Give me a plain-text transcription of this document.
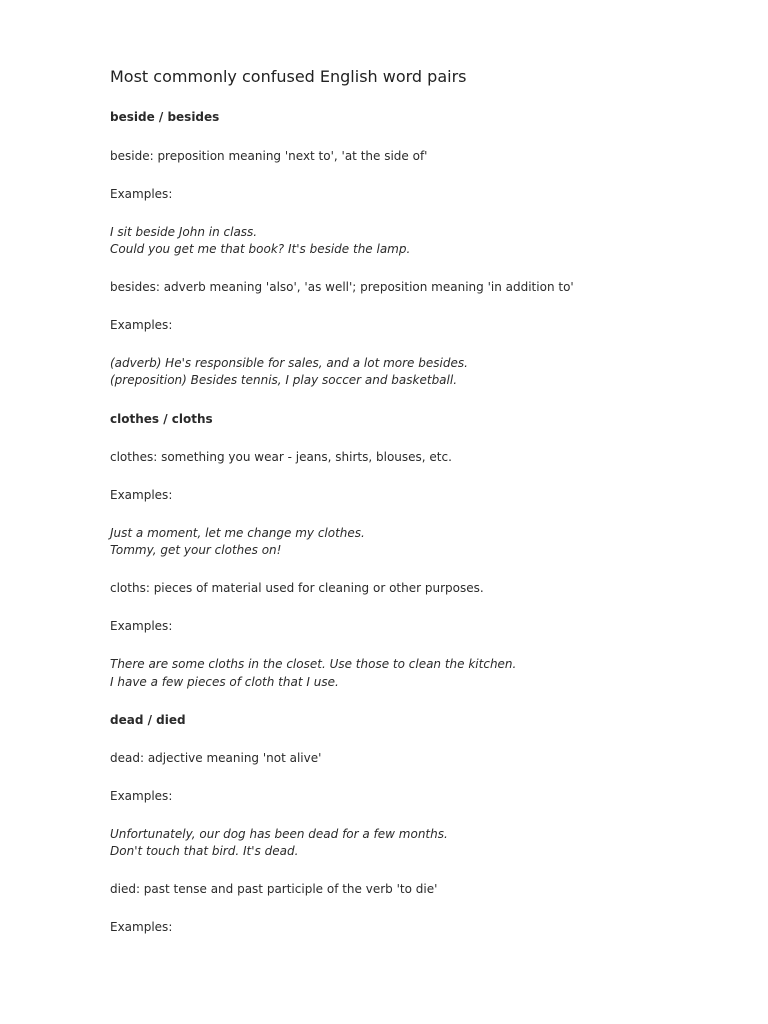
Most commonly confused English word pairs
beside / besides
beside: preposition meaning 'next to', 'at the side of'
Examples:
I sit beside John in class.
Could you get me that book? It's beside the lamp.
besides: adverb meaning 'also', 'as well'; preposition meaning 'in addition to'
Examples:
(adverb) He's responsible for sales, and a lot more besides.
(preposition) Besides tennis, I play soccer and basketball.
clothes / cloths
clothes: something you wear - jeans, shirts, blouses, etc.
Examples:
Just a moment, let me change my clothes.
Tommy, get your clothes on!
cloths: pieces of material used for cleaning or other purposes.
Examples:
There are some cloths in the closet. Use those to clean the kitchen.
I have a few pieces of cloth that I use.
dead / died
dead: adjective meaning 'not alive'
Examples:
Unfortunately, our dog has been dead for a few months.
Don't touch that bird. It's dead.
died: past tense and past participle of the verb 'to die'
Examples:
